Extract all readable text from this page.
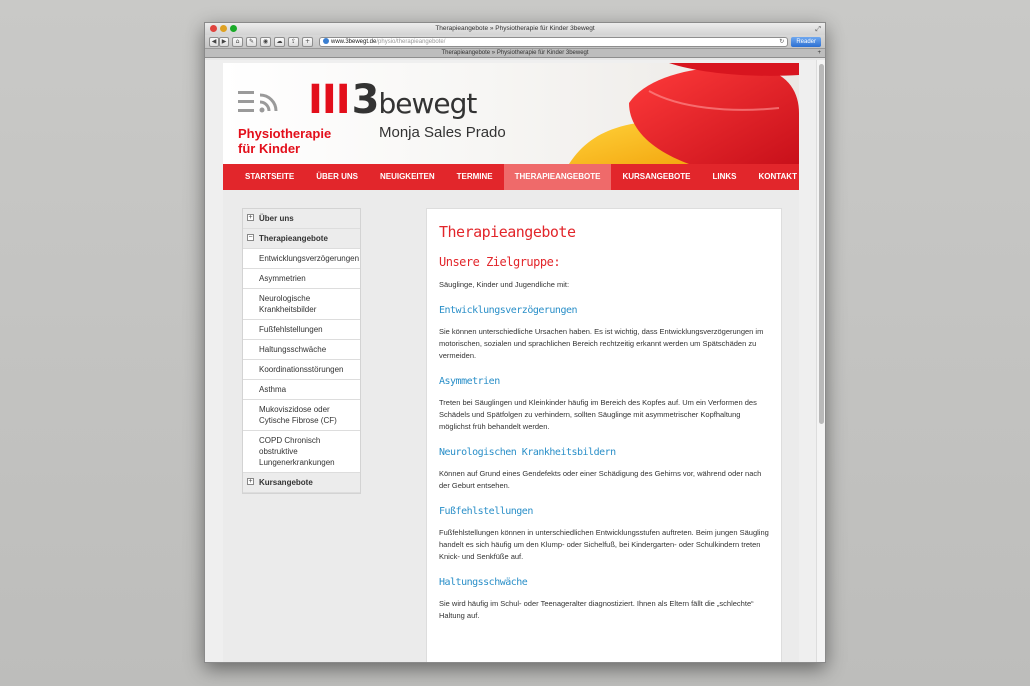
Therapieangebote » Physiotherapie für Kinder 3bewegt	⤢
◀ ▶	⌂	✎	◉	☁	⇪	+	www.3bewegt.de/physio/therapieangebote/	↻	Reader
Therapieangebote » Physiotherapie für Kinder 3bewegt	+
III3bewegt
Physiotherapie
für Kinder
Monja Sales Prado
STARTSEITE	ÜBER UNS	NEUIGKEITEN	TERMINE	THERAPIEANGEBOTE	KURSANGEBOTE	LINKS	KONTAKT
+ Über uns
− Therapieangebote
Entwicklungsverzögerungen
Asymmetrien
Neurologische Krankheitsbilder
Fußfehlstellungen
Haltungsschwäche
Koordinationsstörungen
Asthma
Mukoviszidose oder Cytische Fibrose (CF)
COPD Chronisch obstruktive Lungenerkrankungen
+ Kursangebote
Therapieangebote
Unsere Zielgruppe:
Säuglinge, Kinder und Jugendliche mit:
Entwicklungsverzögerungen
Sie können unterschiedliche Ursachen haben. Es ist wichtig, dass Entwicklungsverzögerungen im motorischen, sozialen und sprachlichen Bereich rechtzeitig erkannt werden um Spätschäden zu vermeiden.
Asymmetrien
Treten bei Säuglingen und Kleinkinder häufig im Bereich des Kopfes auf. Um ein Verformen des Schädels und Spätfolgen zu verhindern, sollten Säuglinge mit asymmetrischer Kopfhaltung möglichst früh behandelt werden.
Neurologischen Krankheitsbildern
Können auf Grund eines Gendefekts oder einer Schädigung des Gehirns vor, während oder nach der Geburt entsehen.
Fußfehlstellungen
Fußfehlstellungen können in unterschiedlichen Entwicklungsstufen auftreten. Beim jungen Säugling handelt es sich häufig um den Klump- oder Sichelfuß, bei Kindergarten- oder Schulkindern treten Knick- und Senkfüße auf.
Haltungsschwäche
Sie wird häufig im Schul- oder Teenageralter diagnostiziert. Ihnen als Eltern fällt die „schlechte“ Haltung auf.
